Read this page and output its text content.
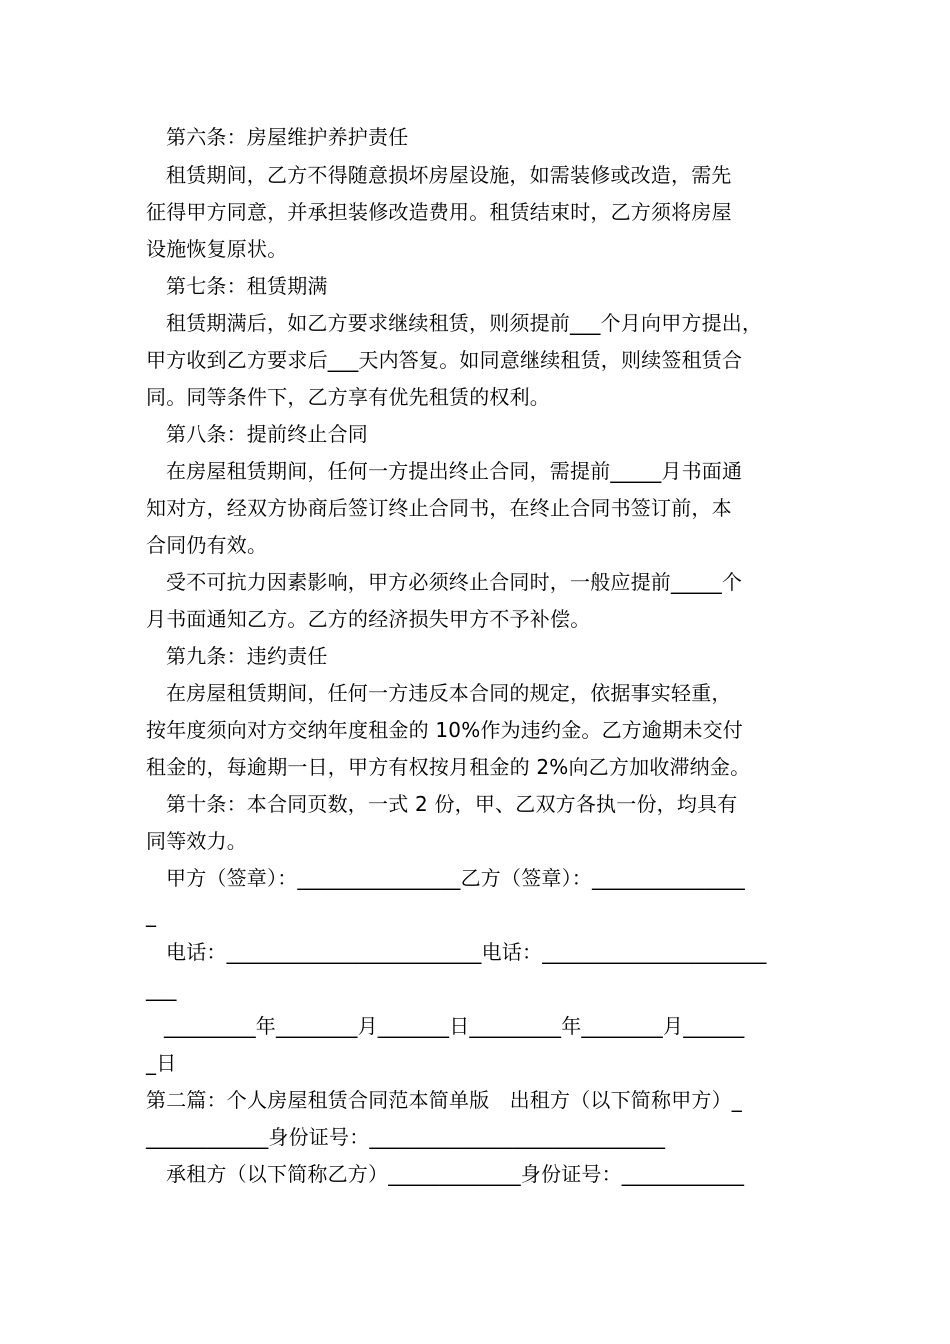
第六条：房屋维护养护责任
租赁期间，乙方不得随意损坏房屋设施，如需装修或改造，需先
征得甲方同意，并承担装修改造费用。租赁结束时，乙方须将房屋
设施恢复原状。
第七条：租赁期满
租赁期满后，如乙方要求继续租赁，则须提前___个月向甲方提出，
甲方收到乙方要求后___天内答复。如同意继续租赁，则续签租赁合
同。同等条件下，乙方享有优先租赁的权利。
第八条：提前终止合同
在房屋租赁期间，任何一方提出终止合同，需提前_____月书面通
知对方，经双方协商后签订终止合同书，在终止合同书签订前，本
合同仍有效。
受不可抗力因素影响，甲方必须终止合同时，一般应提前_____个
月书面通知乙方。乙方的经济损失甲方不予补偿。
第九条：违约责任
在房屋租赁期间，任何一方违反本合同的规定，依据事实轻重，
按年度须向对方交纳年度租金的 10%作为违约金。乙方逾期未交付
租金的，每逾期一日，甲方有权按月租金的 2%向乙方加收滞纳金。
第十条：本合同页数，一式 2 份，甲、乙双方各执一份，均具有
同等效力。
甲方（签章）：________________乙方（签章）：_______________
_
电话：_________________________电话：______________________
___
_________年________月_______日_________年________月______
_日
第二篇：个人房屋租赁合同范本简单版　出租方（以下简称甲方）_
____________身份证号：_____________________________
承租方（以下简称乙方）_____________身份证号：____________
